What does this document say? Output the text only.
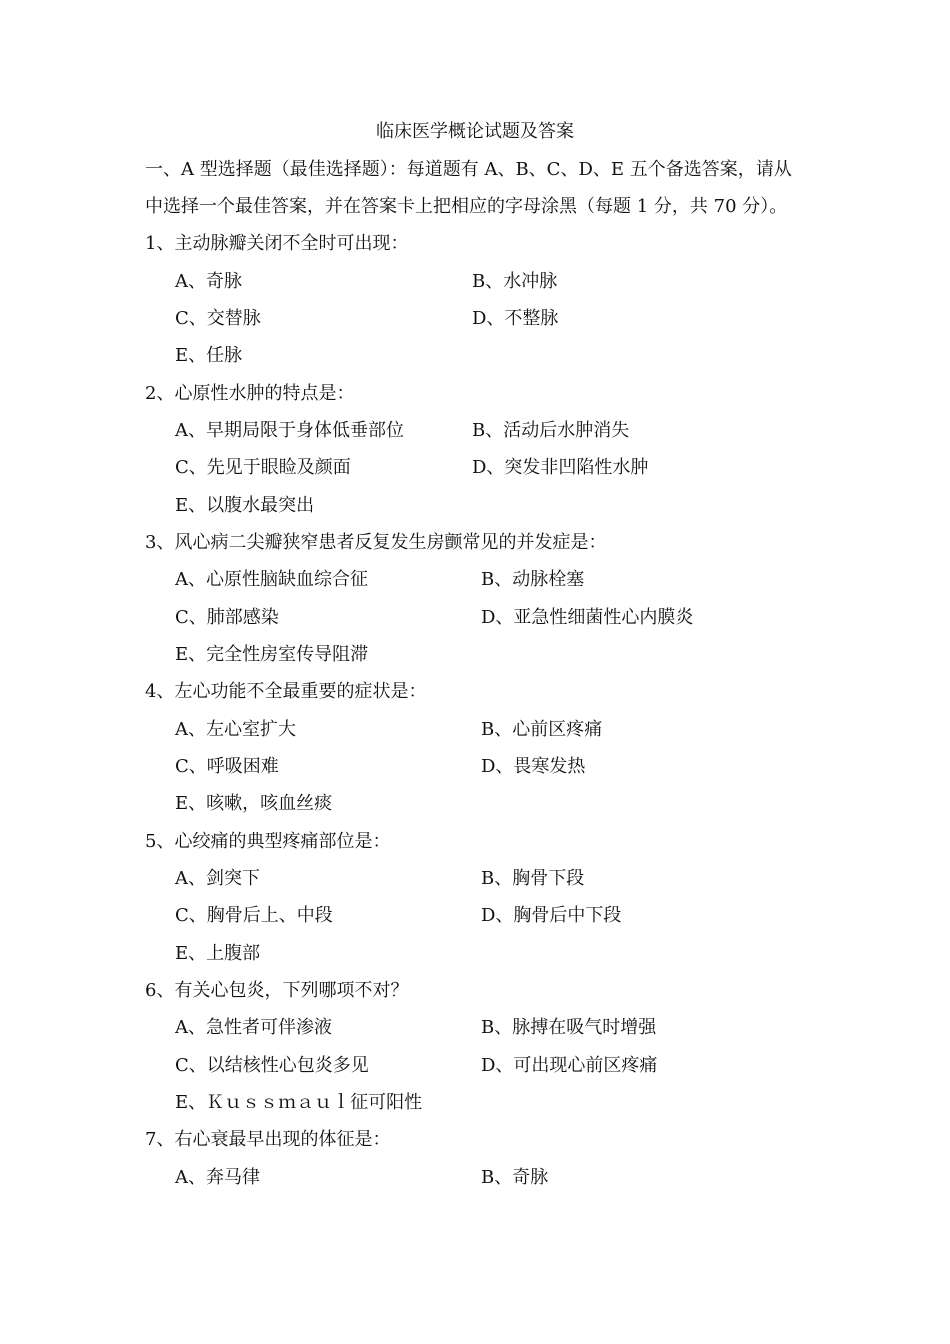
临床医学概论试题及答案
一、A 型选择题（最佳选择题）：每道题有 A、B、C、D、E 五个备选答案，请从
中选择一个最佳答案，并在答案卡上把相应的字母涂黑（每题 1 分，共 70 分）。
1、主动脉瓣关闭不全时可出现：
A、奇脉	B、水冲脉
C、交替脉	D、不整脉
E、任脉
2、心原性水肿的特点是：
A、早期局限于身体低垂部位	B、活动后水肿消失
C、先见于眼睑及颜面	D、突发非凹陷性水肿
E、以腹水最突出
3、风心病二尖瓣狭窄患者反复发生房颤常见的并发症是：
A、心原性脑缺血综合征	B、动脉栓塞
C、肺部感染	D、亚急性细菌性心内膜炎
E、完全性房室传导阻滞
4、左心功能不全最重要的症状是：
A、左心室扩大	B、心前区疼痛
C、呼吸困难	D、畏寒发热
E、咳嗽，咳血丝痰
5、心绞痛的典型疼痛部位是：
A、剑突下	B、胸骨下段
C、胸骨后上、中段	D、胸骨后中下段
E、上腹部
6、有关心包炎，下列哪项不对？
A、急性者可伴渗液	B、脉搏在吸气时增强
C、以结核性心包炎多见	D、可出现心前区疼痛
E、Ｋｕｓｓｍａｕｌ征可阳性
7、右心衰最早出现的体征是：
A、奔马律	B、奇脉
